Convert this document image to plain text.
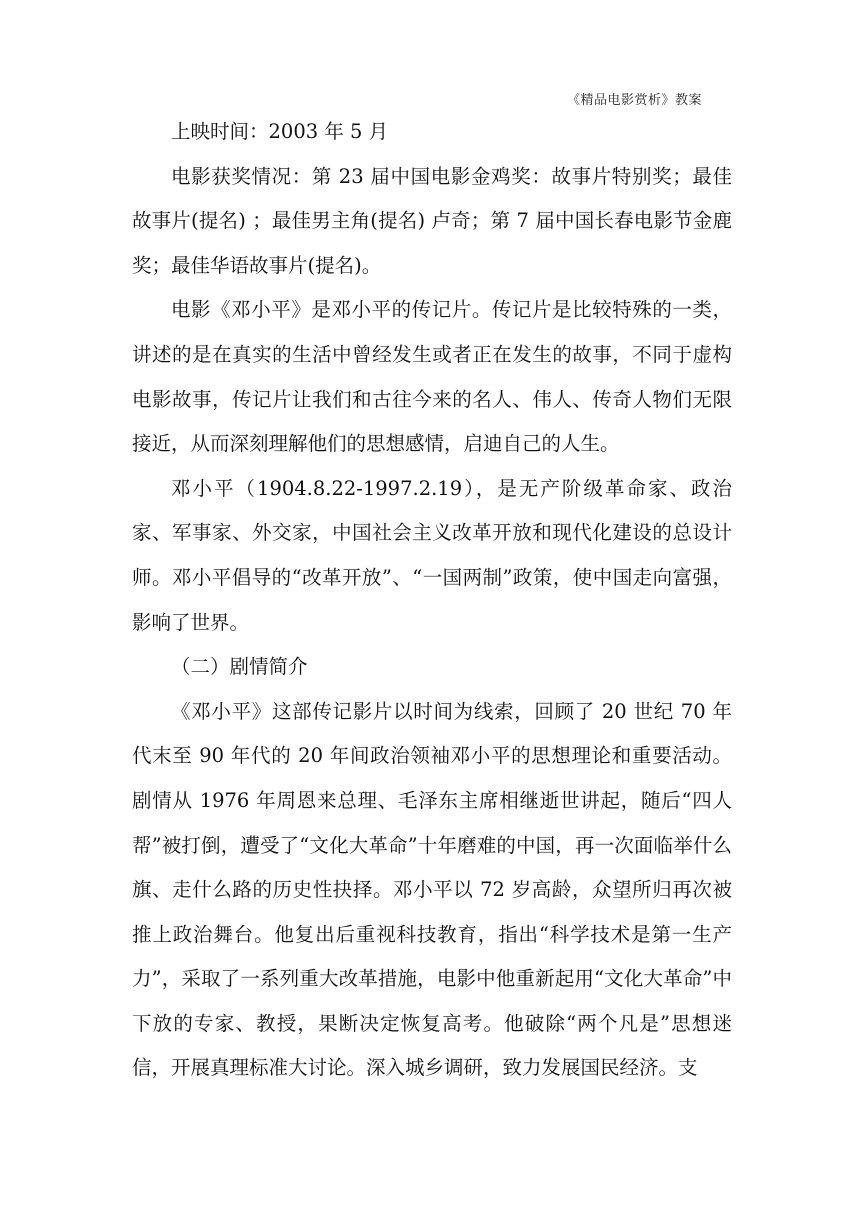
《精品电影赏析》教案

上映时间：2003 年 5 月

电影获奖情况：第 23 届中国电影金鸡奖：故事片特别奖；最佳故事片(提名) ；最佳男主角(提名) 卢奇；第 7 届中国长春电影节金鹿奖；最佳华语故事片(提名)。

电影《邓小平》是邓小平的传记片。传记片是比较特殊的一类，讲述的是在真实的生活中曾经发生或者正在发生的故事，不同于虚构电影故事，传记片让我们和古往今来的名人、伟人、传奇人物们无限接近，从而深刻理解他们的思想感情，启迪自己的人生。

邓小平（1904.8.22-1997.2.19），是无产阶级革命家、政治家、军事家、外交家，中国社会主义改革开放和现代化建设的总设计师。邓小平倡导的“改革开放”、“一国两制”政策，使中国走向富强，影响了世界。

（二）剧情简介

《邓小平》这部传记影片以时间为线索，回顾了 20 世纪 70 年代末至 90 年代的 20 年间政治领袖邓小平的思想理论和重要活动。剧情从 1976 年周恩来总理、毛泽东主席相继逝世讲起，随后“四人帮”被打倒，遭受了“文化大革命”十年磨难的中国，再一次面临举什么旗、走什么路的历史性抉择。邓小平以 72 岁高龄，众望所归再次被推上政治舞台。他复出后重视科技教育，指出“科学技术是第一生产力”，采取了一系列重大改革措施，电影中他重新起用“文化大革命”中下放的专家、教授，果断决定恢复高考。他破除“两个凡是”思想迷信，开展真理标准大讨论。深入城乡调研，致力发展国民经济。支
